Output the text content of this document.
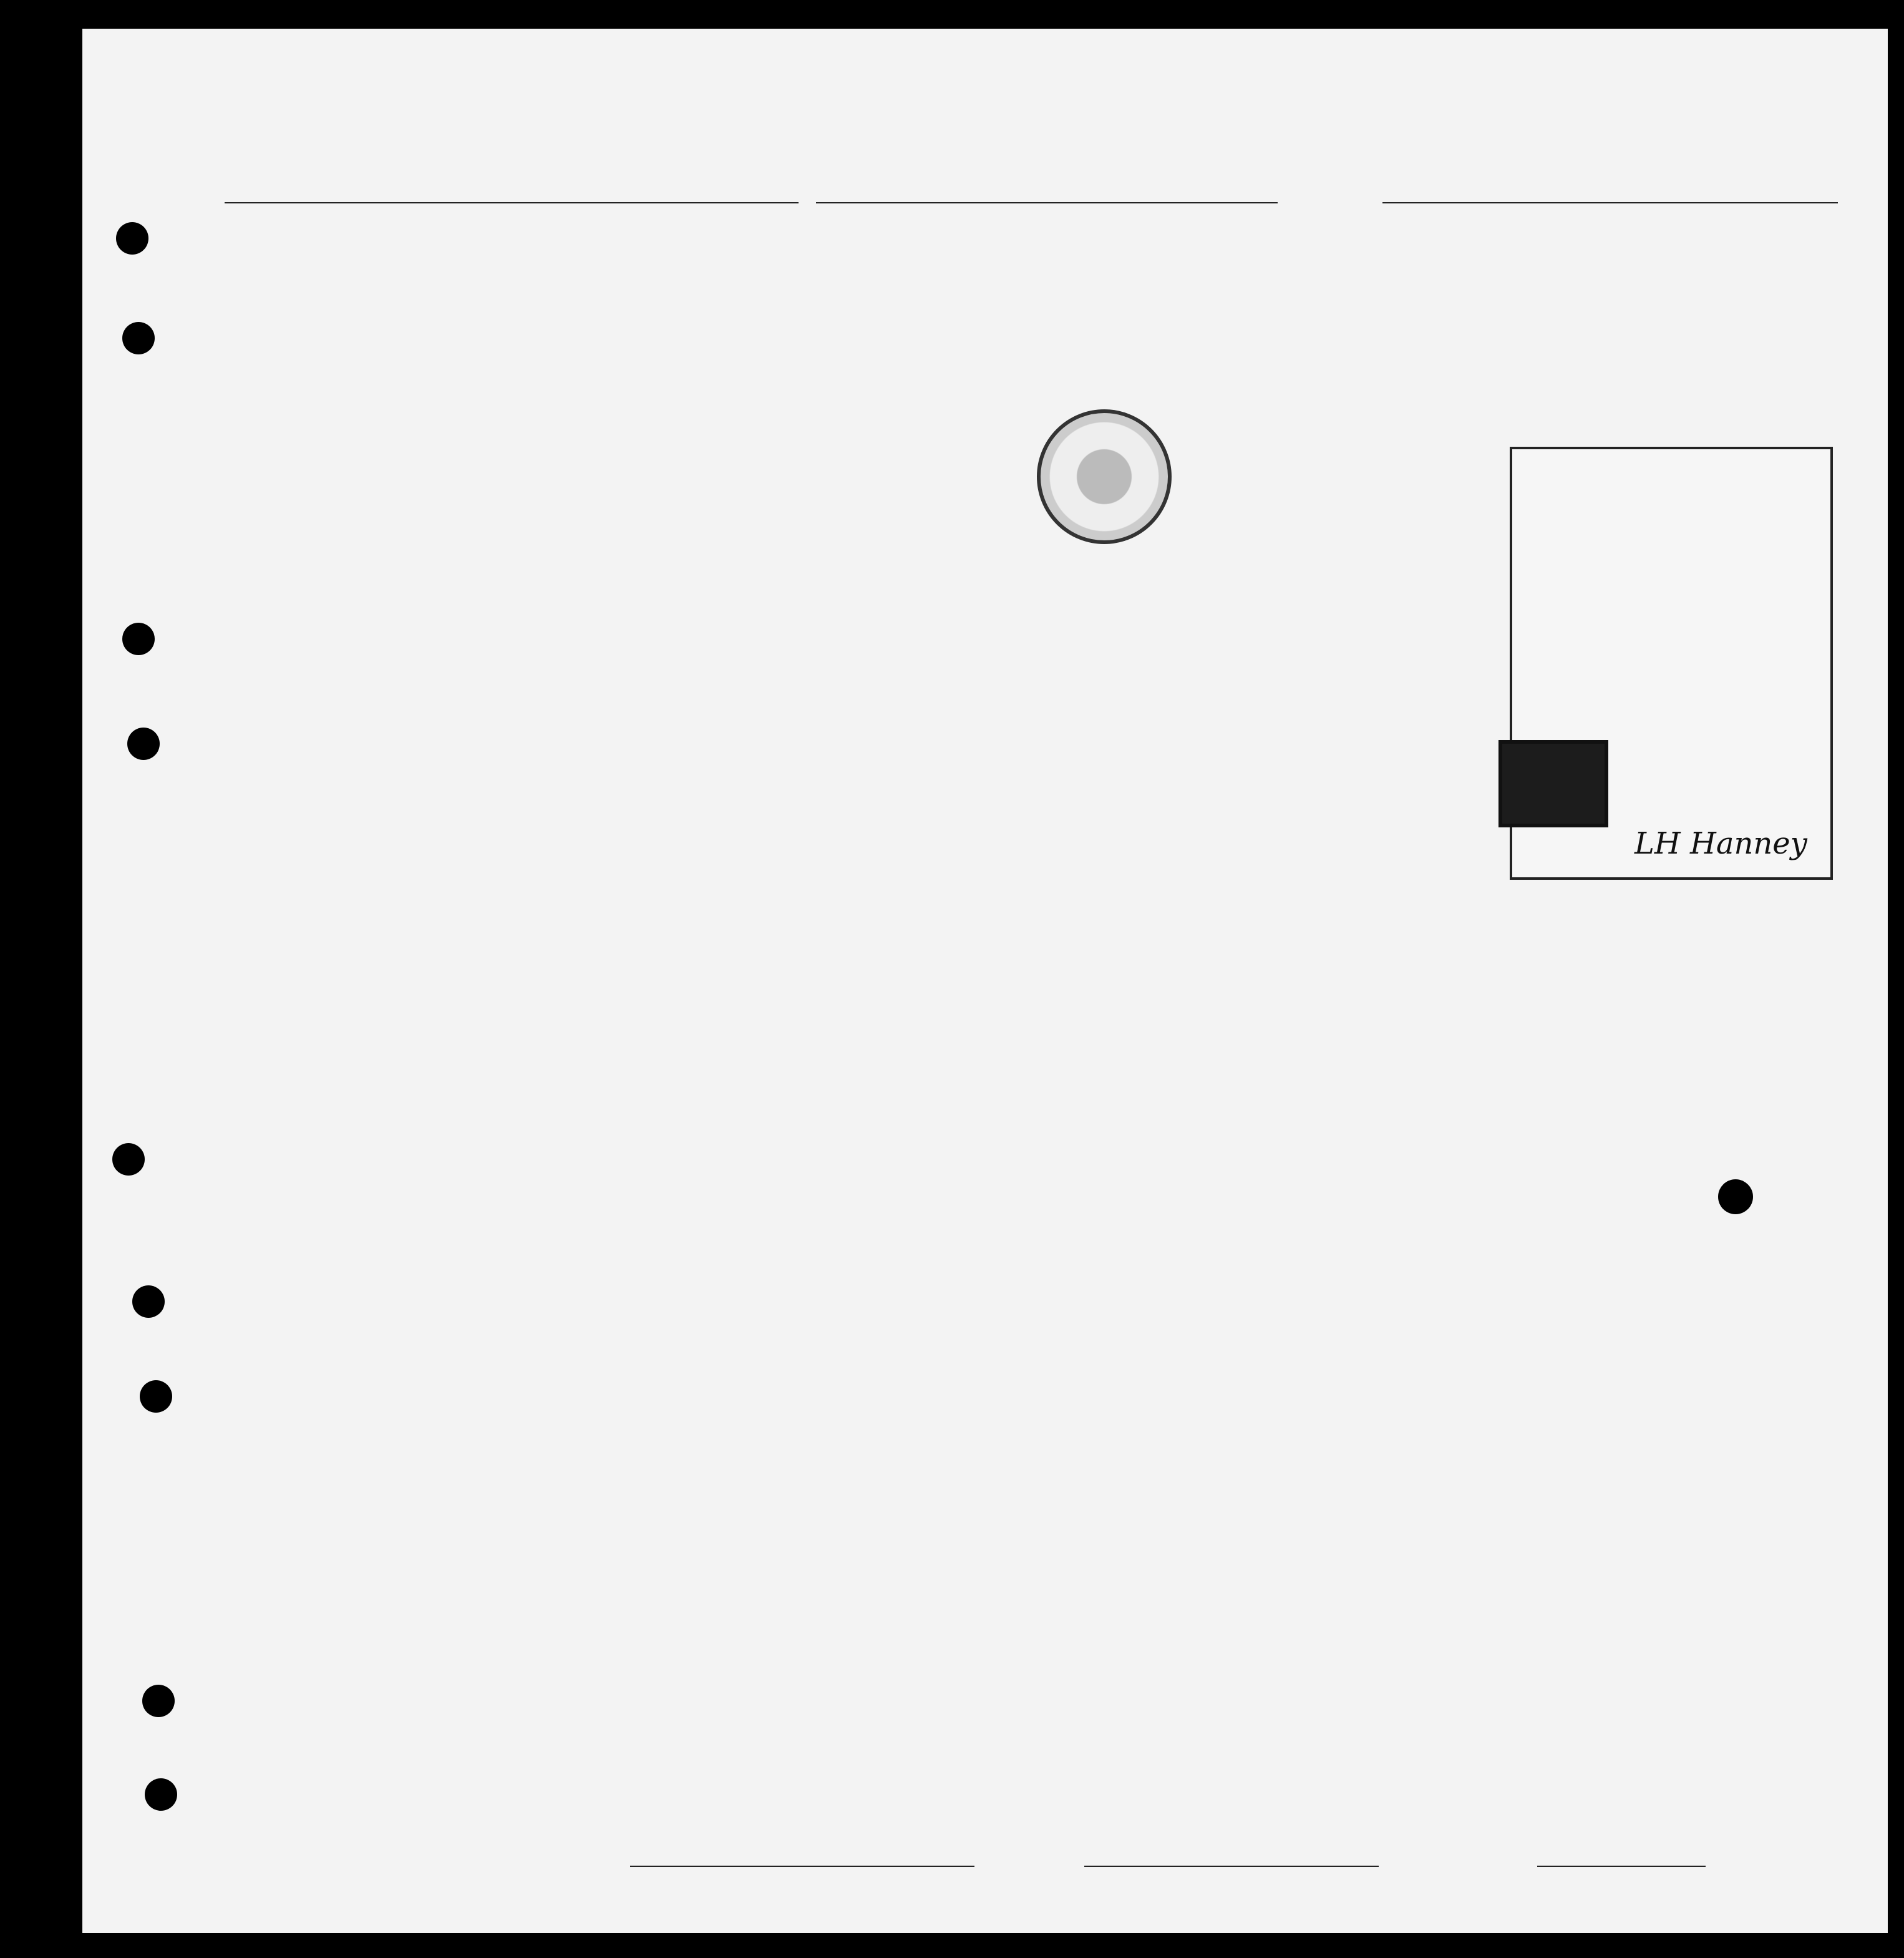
LH Hanney
